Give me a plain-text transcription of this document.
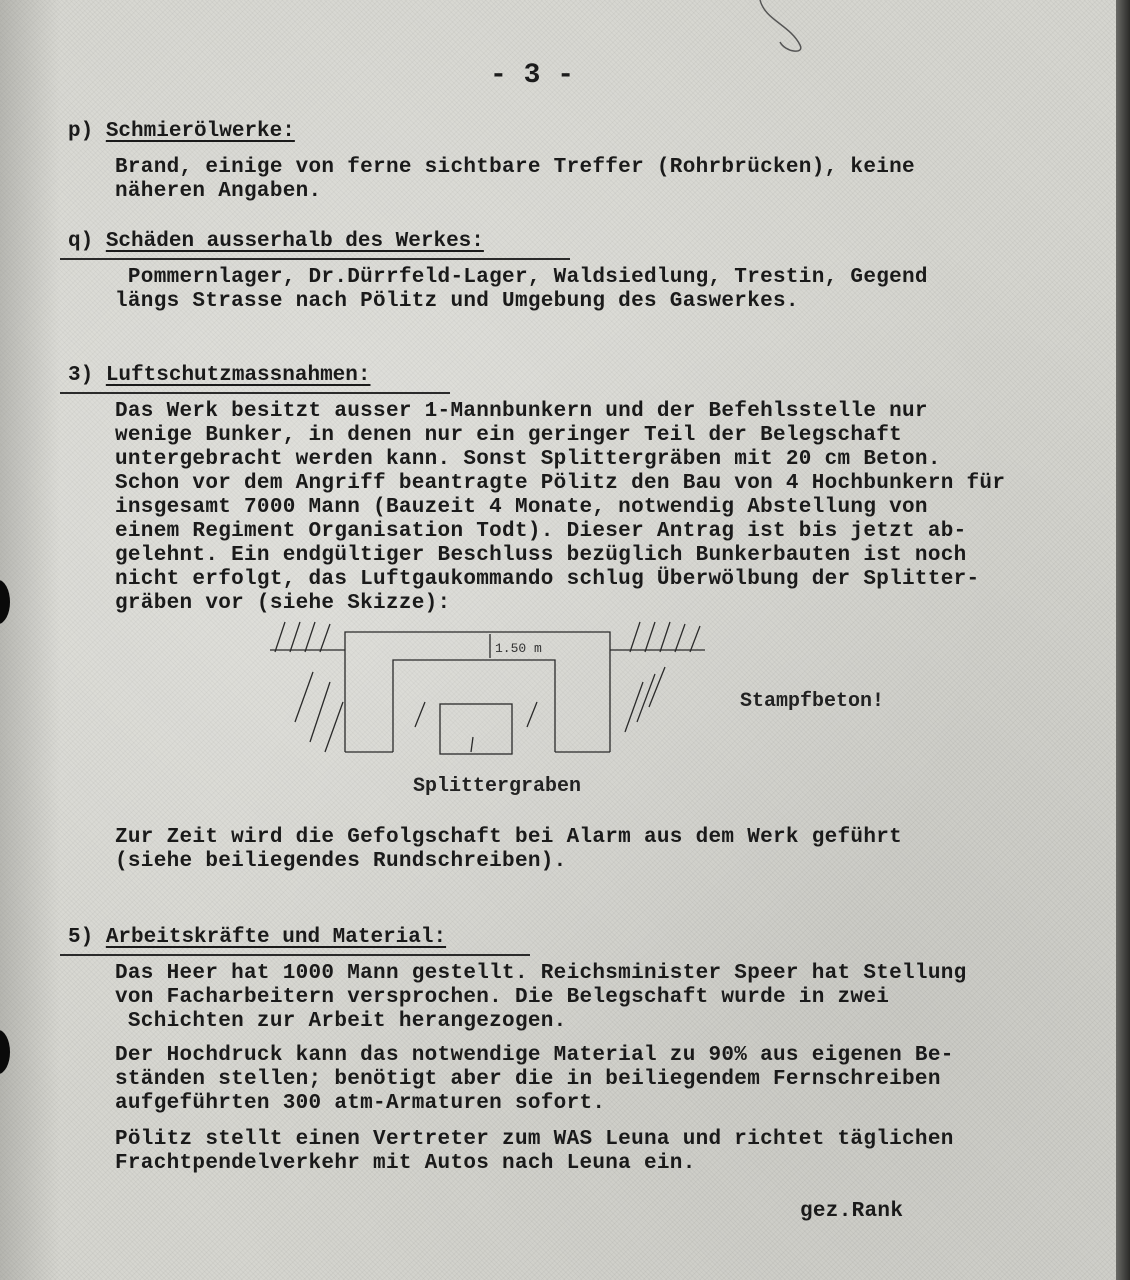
- 3 -
p) Schmierölwerke:
Brand, einige von ferne sichtbare Treffer (Rohrbrücken), keine
näheren Angaben.
q) Schäden ausserhalb des Werkes:
Pommernlager, Dr.Dürrfeld-Lager, Waldsiedlung, Trestin, Gegend
längs Strasse nach Pölitz und Umgebung des Gaswerkes.
3) Luftschutzmassnahmen:
Das Werk besitzt ausser 1-Mannbunkern und der Befehlsstelle nur
wenige Bunker, in denen nur ein geringer Teil der Belegschaft
untergebracht werden kann. Sonst Splittergräben mit 20 cm Beton.
Schon vor dem Angriff beantragte Pölitz den Bau von 4 Hochbunkern für
insgesamt 7000 Mann (Bauzeit 4 Monate, notwendig Abstellung von
einem Regiment Organisation Todt). Dieser Antrag ist bis jetzt ab-
gelehnt. Ein endgültiger Beschluss bezüglich Bunkerbauten ist noch
nicht erfolgt, das Luftgaukommando schlug Überwölbung der Splitter-
gräben vor (siehe Skizze):
1.50 m
Stampfbeton!
Splittergraben
Zur Zeit wird die Gefolgschaft bei Alarm aus dem Werk geführt
(siehe beiliegendes Rundschreiben).
5) Arbeitskräfte und Material:
Das Heer hat 1000 Mann gestellt. Reichsminister Speer hat Stellung
von Facharbeitern versprochen. Die Belegschaft wurde in zwei
Schichten zur Arbeit herangezogen.
Der Hochdruck kann das notwendige Material zu 90% aus eigenen Be-
ständen stellen; benötigt aber die in beiliegendem Fernschreiben
aufgeführten 300 atm-Armaturen sofort.
Pölitz stellt einen Vertreter zum WAS Leuna und richtet täglichen
Frachtpendelverkehr mit Autos nach Leuna ein.
gez.Rank
